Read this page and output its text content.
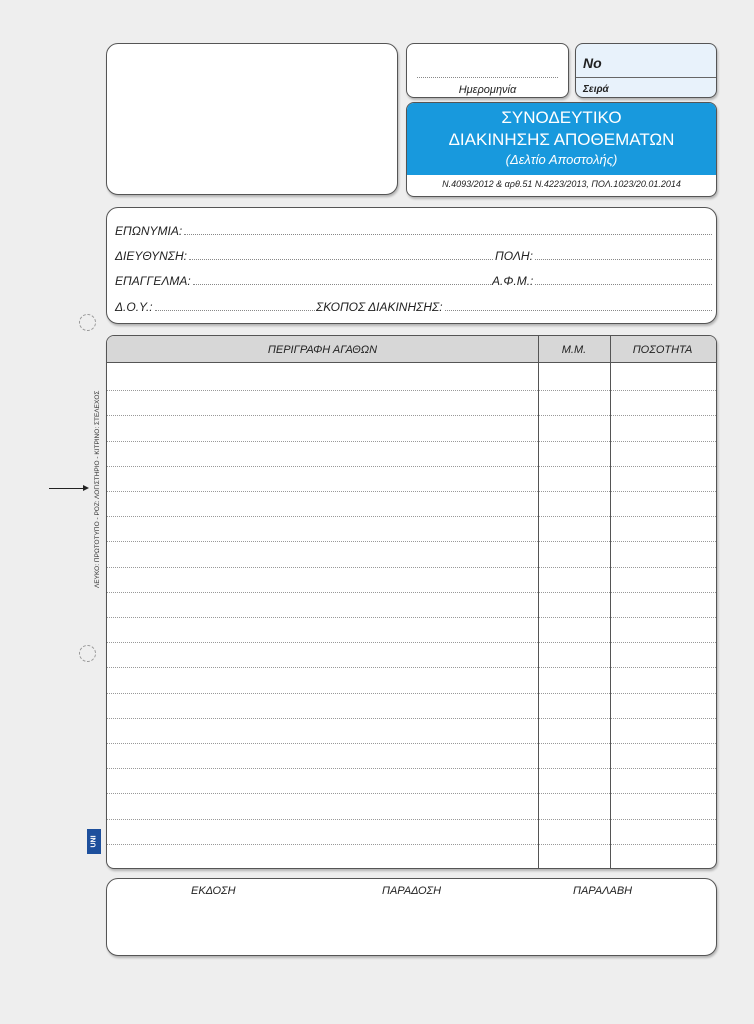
Ημερομηνία
Νο
Σειρά
ΣΥΝΟΔΕΥΤΙΚΟ
ΔΙΑΚΙΝΗΣΗΣ ΑΠΟΘΕΜΑΤΩΝ
(Δελτίο Αποστολής)
Ν.4093/2012 & αρθ.51 Ν.4223/2013, ΠΟΛ.1023/20.01.2014
ΕΠΩΝΥΜΙΑ:
ΔΙΕΥΘΥΝΣΗ:	ΠΟΛΗ:
ΕΠΑΓΓΕΛΜΑ:	Α.Φ.Μ.:
Δ.Ο.Υ.:	ΣΚΟΠΟΣ ΔΙΑΚΙΝΗΣΗΣ:
ΠΕΡΙΓΡΑΦΗ ΑΓΑΘΩΝ	Μ.Μ.	ΠΟΣΟΤΗΤΑ
ΕΚΔΟΣΗ	ΠΑΡΑΔΟΣΗ	ΠΑΡΑΛΑΒΗ
ΛΕΥΚΟ: ΠΡΩΤΟΤΥΠΟ - ΡΟΖ: ΛΟΓΙΣΤΗΡΙΟ - ΚΙΤΡΙΝΟ: ΣΤΕΛΕΧΟΣ
UNI
